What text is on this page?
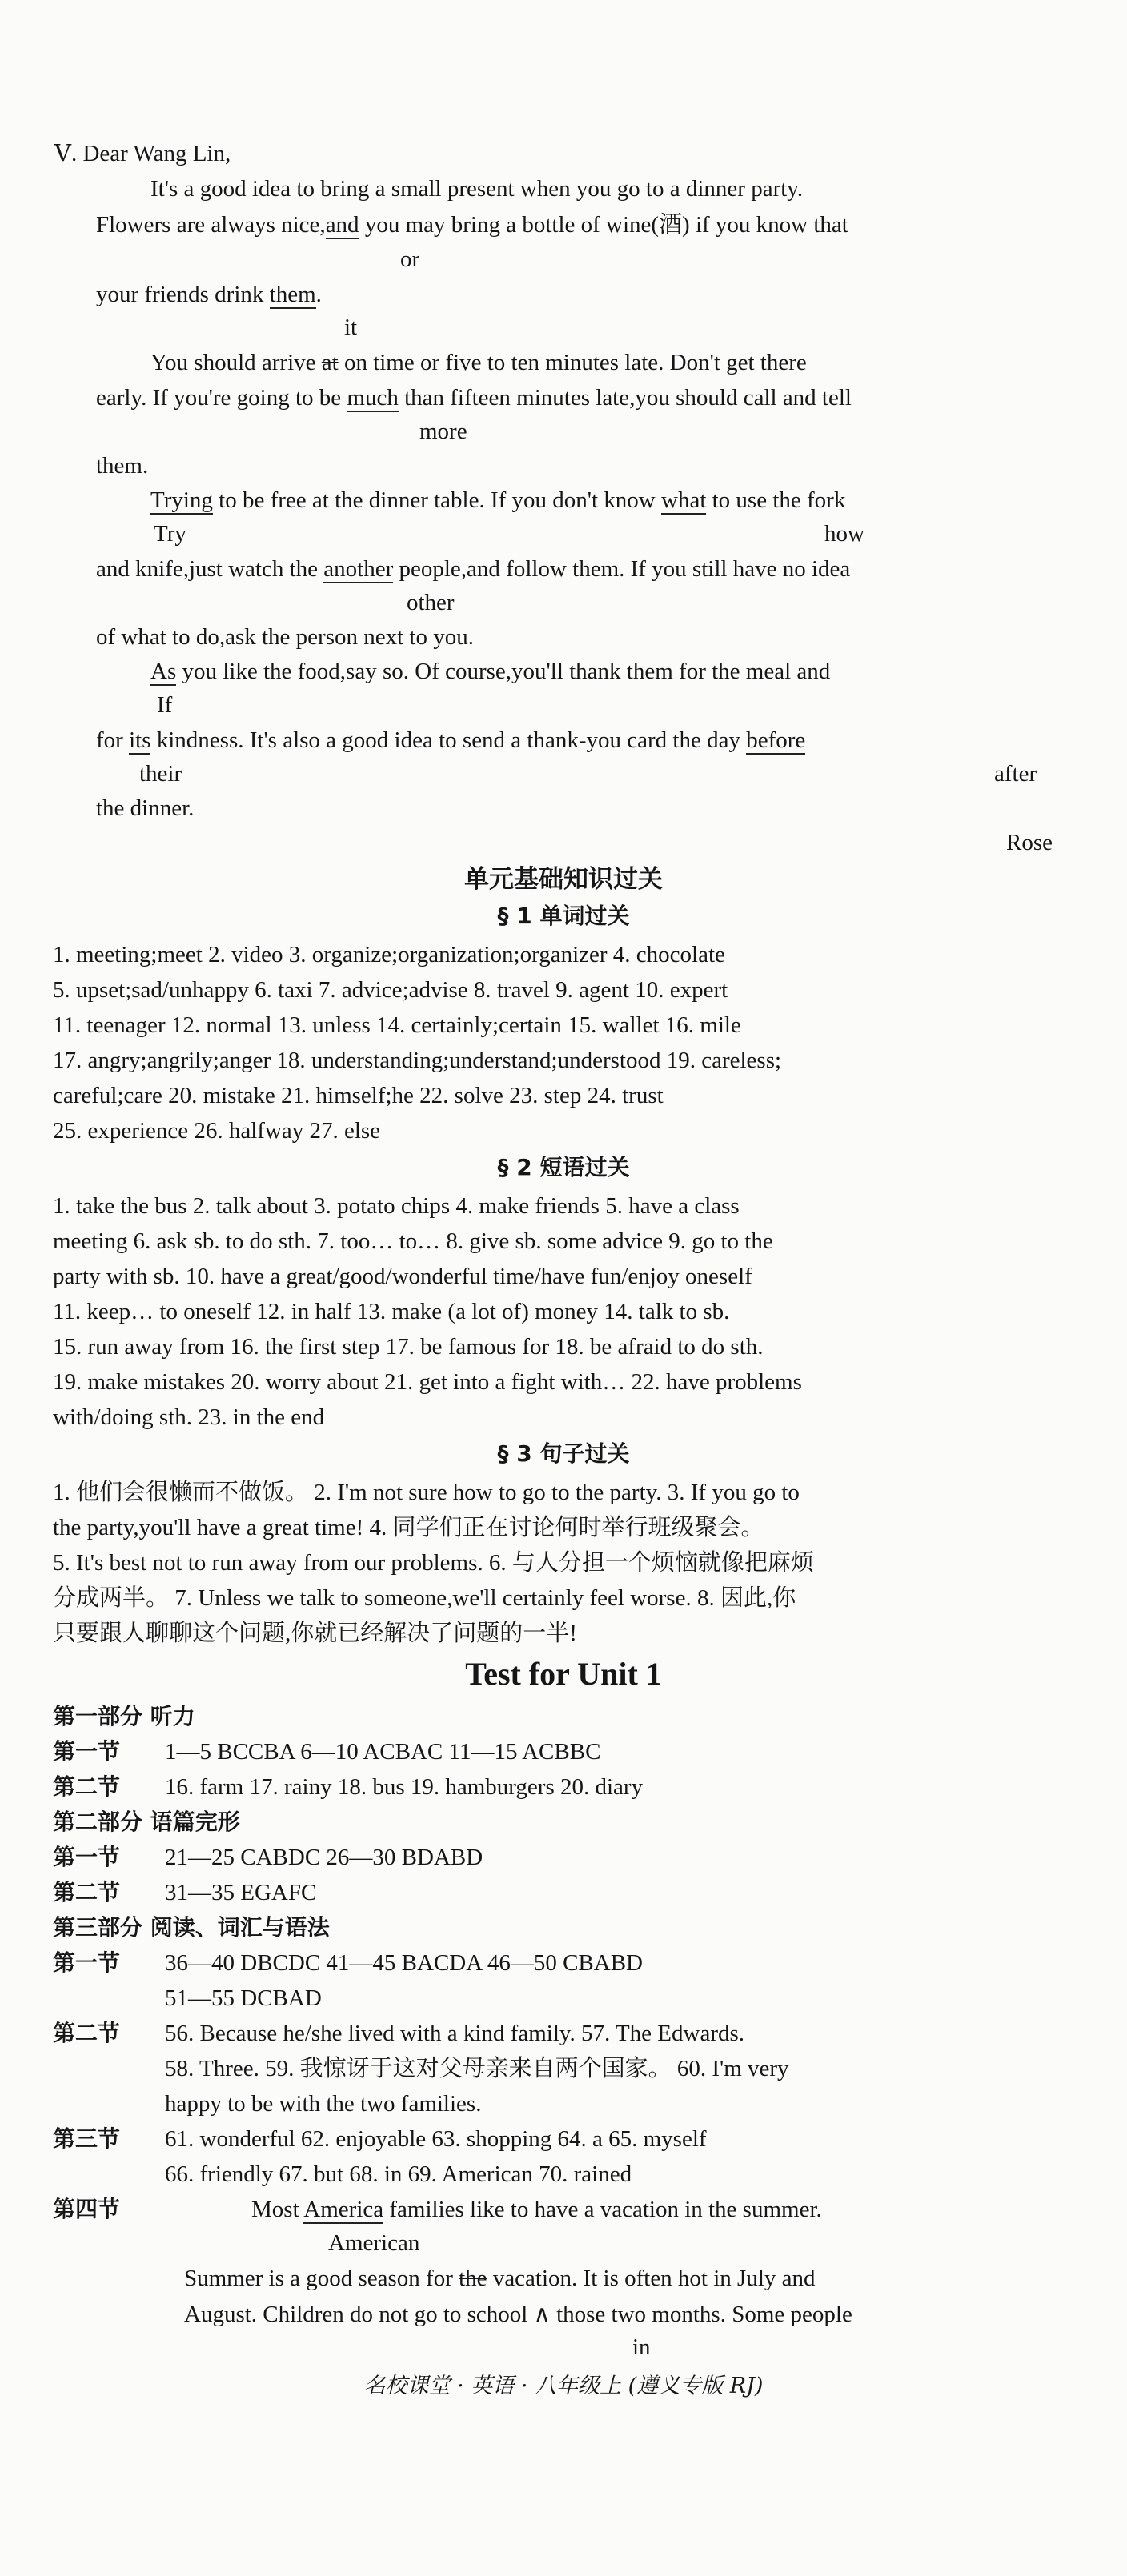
Ⅴ. Dear Wang Lin,
It's a good idea to bring a small present when you go to a dinner party.
Flowers are always nice,and you may bring a bottle of wine(酒) if you know that
or
your friends drink them.
it
You should arrive at on time or five to ten minutes late. Don't get there
early. If you're going to be much than fifteen minutes late,you should call and tell
more
them.
Trying to be free at the dinner table. If you don't know what to use the fork
Try	how
and knife,just watch the another people,and follow them. If you still have no idea
other
of what to do,ask the person next to you.
As you like the food,say so. Of course,you'll thank them for the meal and
If
for its kindness. It's also a good idea to send a thank-you card the day before
their	after
the dinner.
Rose
单元基础知识过关
§ 1 单词过关
1. meeting;meet 2. video 3. organize;organization;organizer 4. chocolate
5. upset;sad/unhappy 6. taxi 7. advice;advise 8. travel 9. agent 10. expert
11. teenager 12. normal 13. unless 14. certainly;certain 15. wallet 16. mile
17. angry;angrily;anger 18. understanding;understand;understood 19. careless;
careful;care 20. mistake 21. himself;he 22. solve 23. step 24. trust
25. experience 26. halfway 27. else
§ 2 短语过关
1. take the bus 2. talk about 3. potato chips 4. make friends 5. have a class
meeting 6. ask sb. to do sth. 7. too… to… 8. give sb. some advice 9. go to the
party with sb. 10. have a great/good/wonderful time/have fun/enjoy oneself
11. keep… to oneself 12. in half 13. make (a lot of) money 14. talk to sb.
15. run away from 16. the first step 17. be famous for 18. be afraid to do sth.
19. make mistakes 20. worry about 21. get into a fight with… 22. have problems
with/doing sth. 23. in the end
§ 3 句子过关
1. 他们会很懒而不做饭。 2. I'm not sure how to go to the party. 3. If you go to
the party,you'll have a great time! 4. 同学们正在讨论何时举行班级聚会。
5. It's best not to run away from our problems. 6. 与人分担一个烦恼就像把麻烦
分成两半。 7. Unless we talk to someone,we'll certainly feel worse. 8. 因此,你
只要跟人聊聊这个问题,你就已经解决了问题的一半!
Test for Unit 1
第一部分 听力
第一节 1—5 BCCBA 6—10 ACBAC 11—15 ACBBC
第二节 16. farm 17. rainy 18. bus 19. hamburgers 20. diary
第二部分 语篇完形
第一节 21—25 CABDC 26—30 BDABD
第二节 31—35 EGAFC
第三部分 阅读、词汇与语法
第一节 36—40 DBCDC 41—45 BACDA 46—50 CBABD
51—55 DCBAD
第二节 56. Because he/she lived with a kind family. 57. The Edwards.
58. Three. 59. 我惊讶于这对父母亲来自两个国家。 60. I'm very
happy to be with the two families.
第三节 61. wonderful 62. enjoyable 63. shopping 64. a 65. myself
66. friendly 67. but 68. in 69. American 70. rained
第四节	Most America families like to have a vacation in the summer.
American
Summer is a good season for the vacation. It is often hot in July and
August. Children do not go to school ∧ those two months. Some people
in
名校课堂 · 英语 · 八年级上 (遵义专版 RJ)
